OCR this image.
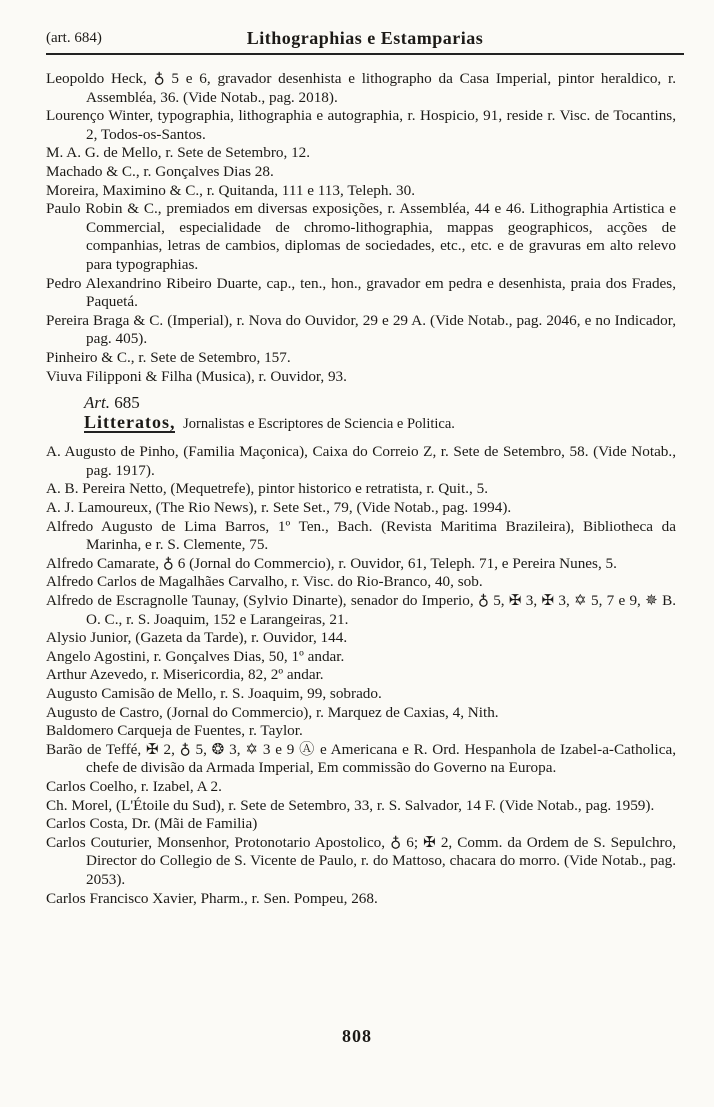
(art. 684)	Lithographias e Estamparias
Leopoldo Heck, ♁ 5 e 6, gravador desenhista e lithographo da Casa Imperial, pintor heraldico, r. Assembléa, 36. (Vide Notab., pag. 2018).
Lourenço Winter, typographia, lithographia e autographia, r. Hospicio, 91, reside r. Visc. de Tocantins, 2, Todos-os-Santos.
M. A. G. de Mello, r. Sete de Setembro, 12.
Machado & C., r. Gonçalves Dias 28.
Moreira, Maximino & C., r. Quitanda, 111 e 113, Teleph. 30.
Paulo Robin & C., premiados em diversas exposições, r. Assembléa, 44 e 46. Lithographia Artistica e Commercial, especialidade de chromo-lithographia, mappas geographicos, acções de companhias, letras de cambios, diplomas de sociedades, etc., etc. e de gravuras em alto relevo para typographias.
Pedro Alexandrino Ribeiro Duarte, cap., ten., hon., gravador em pedra e desenhista, praia dos Frades, Paquetá.
Pereira Braga & C. (Imperial), r. Nova do Ouvidor, 29 e 29 A. (Vide Notab., pag. 2046, e no Indicador, pag. 405).
Pinheiro & C., r. Sete de Setembro, 157.
Viuva Filipponi & Filha (Musica), r. Ouvidor, 93.
Art. 685
Litteratos, Jornalistas e Escriptores de Sciencia e Politica.
A. Augusto de Pinho, (Familia Maçonica), Caixa do Correio Z, r. Sete de Setembro, 58. (Vide Notab., pag. 1917).
A. B. Pereira Netto, (Mequetrefe), pintor historico e retratista, r. Quit., 5.
A. J. Lamoureux, (The Rio News), r. Sete Set., 79, (Vide Notab., pag. 1994).
Alfredo Augusto de Lima Barros, 1º Ten., Bach. (Revista Maritima Brazileira), Bibliotheca da Marinha, e r. S. Clemente, 75.
Alfredo Camarate, ♁ 6 (Jornal do Commercio), r. Ouvidor, 61, Teleph. 71, e Pereira Nunes, 5.
Alfredo Carlos de Magalhães Carvalho, r. Visc. do Rio-Branco, 40, sob.
Alfredo de Escragnolle Taunay, (Sylvio Dinarte), senador do Imperio, ♁ 5, ✠ 3, ✠ 3, ✡ 5, 7 e 9, ✵ B. O. C., r. S. Joaquim, 152 e Larangeiras, 21.
Alysio Junior, (Gazeta da Tarde), r. Ouvidor, 144.
Angelo Agostini, r. Gonçalves Dias, 50, 1º andar.
Arthur Azevedo, r. Misericordia, 82, 2º andar.
Augusto Camisão de Mello, r. S. Joaquim, 99, sobrado.
Augusto de Castro, (Jornal do Commercio), r. Marquez de Caxias, 4, Nith.
Baldomero Carqueja de Fuentes, r. Taylor.
Barão de Teffé, ✠ 2, ♁ 5, ❂ 3, ✡ 3 e 9 Ⓐ e Americana e R. Ord. Hespanhola de Izabel-a-Catholica, chefe de divisão da Armada Imperial, Em commissão do Governo na Europa.
Carlos Coelho, r. Izabel, A 2.
Ch. Morel, (L'Étoile du Sud), r. Sete de Setembro, 33, r. S. Salvador, 14 F. (Vide Notab., pag. 1959).
Carlos Costa, Dr. (Mãi de Familia)
Carlos Couturier, Monsenhor, Protonotario Apostolico, ♁ 6; ✠ 2, Comm. da Ordem de S. Sepulchro, Director do Collegio de S. Vicente de Paulo, r. do Mattoso, chacara do morro. (Vide Notab., pag. 2053).
Carlos Francisco Xavier, Pharm., r. Sen. Pompeu, 268.
808
